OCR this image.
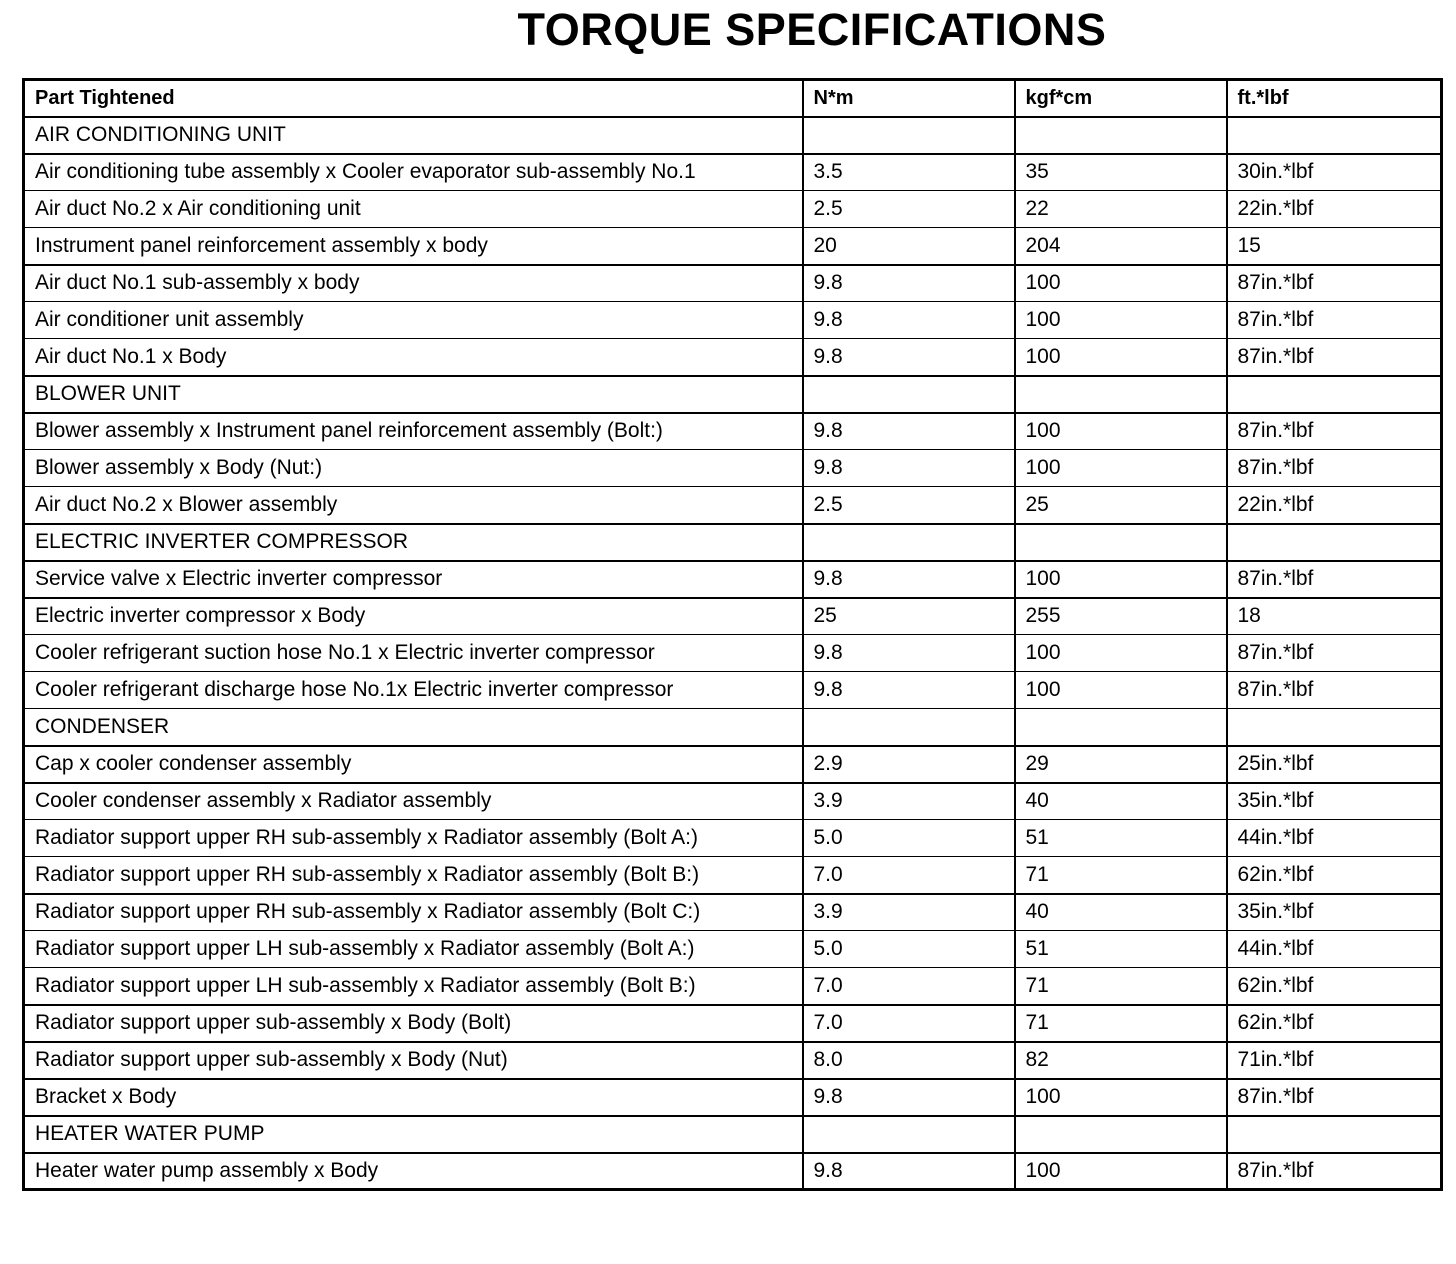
TORQUE SPECIFICATIONS
Part Tightened	N*m	kgf*cm	ft.*lbf
AIR CONDITIONING UNIT			
Air conditioning tube assembly x Cooler evaporator sub-assembly No.1	3.5	35	30in.*lbf
Air duct No.2 x Air conditioning unit	2.5	22	22in.*lbf
Instrument panel reinforcement assembly x body	20	204	15
Air duct No.1 sub-assembly x body	9.8	100	87in.*lbf
Air conditioner unit assembly	9.8	100	87in.*lbf
Air duct No.1 x Body	9.8	100	87in.*lbf
BLOWER UNIT			
Blower assembly x Instrument panel reinforcement assembly (Bolt:)	9.8	100	87in.*lbf
Blower assembly x Body (Nut:)	9.8	100	87in.*lbf
Air duct No.2 x Blower assembly	2.5	25	22in.*lbf
ELECTRIC INVERTER COMPRESSOR			
Service valve x Electric inverter compressor	9.8	100	87in.*lbf
Electric inverter compressor x Body	25	255	18
Cooler refrigerant suction hose No.1 x Electric inverter compressor	9.8	100	87in.*lbf
Cooler refrigerant discharge hose No.1x Electric inverter compressor	9.8	100	87in.*lbf
CONDENSER			
Cap x cooler condenser assembly	2.9	29	25in.*lbf
Cooler condenser assembly x Radiator assembly	3.9	40	35in.*lbf
Radiator support upper RH sub-assembly x Radiator assembly (Bolt A:)	5.0	51	44in.*lbf
Radiator support upper RH sub-assembly x Radiator assembly (Bolt B:)	7.0	71	62in.*lbf
Radiator support upper RH sub-assembly x Radiator assembly (Bolt C:)	3.9	40	35in.*lbf
Radiator support upper LH sub-assembly x Radiator assembly (Bolt A:)	5.0	51	44in.*lbf
Radiator support upper LH sub-assembly x Radiator assembly (Bolt B:)	7.0	71	62in.*lbf
Radiator support upper sub-assembly x Body (Bolt)	7.0	71	62in.*lbf
Radiator support upper sub-assembly x Body (Nut)	8.0	82	71in.*lbf
Bracket x Body	9.8	100	87in.*lbf
HEATER WATER PUMP			
Heater water pump assembly x Body	9.8	100	87in.*lbf
